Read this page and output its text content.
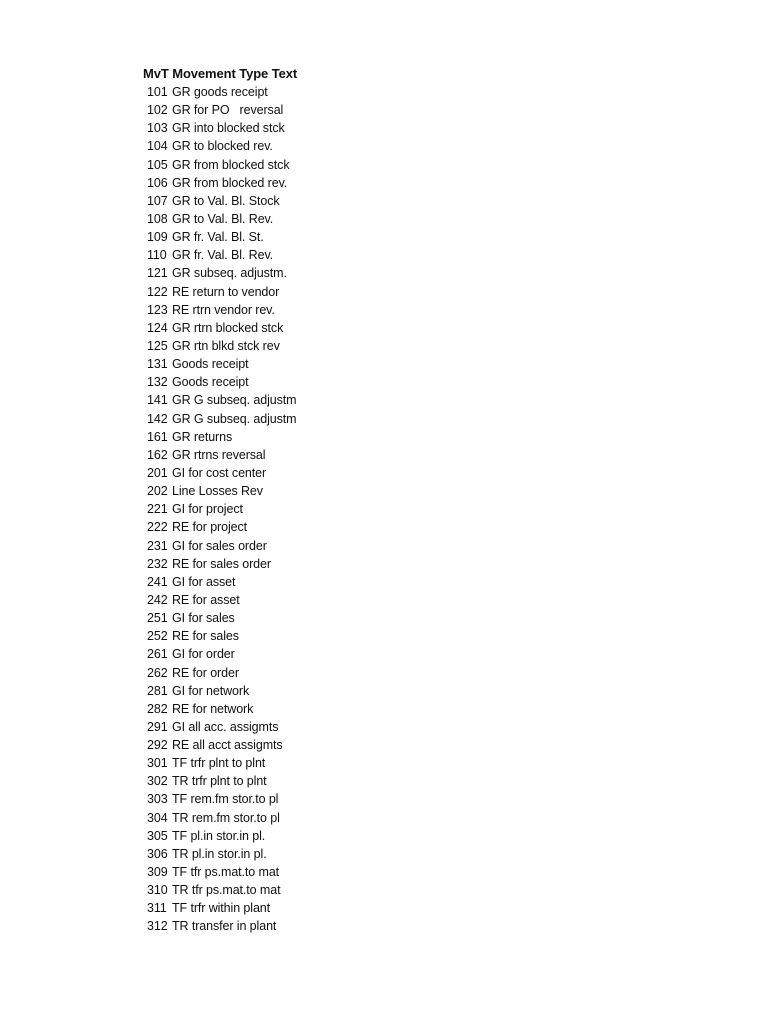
MvT Movement Type Text
101 GR goods receipt
102 GR for PO   reversal
103 GR into blocked stck
104 GR to blocked rev.
105 GR from blocked stck
106 GR from blocked rev.
107 GR to Val. Bl. Stock
108 GR to Val. Bl. Rev.
109 GR fr. Val. Bl. St.
110 GR fr. Val. Bl. Rev.
121 GR subseq. adjustm.
122 RE return to vendor
123 RE rtrn vendor rev.
124 GR rtrn blocked stck
125 GR rtn blkd stck rev
131 Goods receipt
132 Goods receipt
141 GR G subseq. adjustm
142 GR G subseq. adjustm
161 GR returns
162 GR rtrns reversal
201 GI for cost center
202 Line Losses Rev
221 GI for project
222 RE for project
231 GI for sales order
232 RE for sales order
241 GI for asset
242 RE for asset
251 GI for sales
252 RE for sales
261 GI for order
262 RE for order
281 GI for network
282 RE for network
291 GI all acc. assigmts
292 RE all acct assigmts
301 TF trfr plnt to plnt
302 TR trfr plnt to plnt
303 TF rem.fm stor.to pl
304 TR rem.fm stor.to pl
305 TF pl.in stor.in pl.
306 TR pl.in stor.in pl.
309 TF tfr ps.mat.to mat
310 TR tfr ps.mat.to mat
311 TF trfr within plant
312 TR transfer in plant
